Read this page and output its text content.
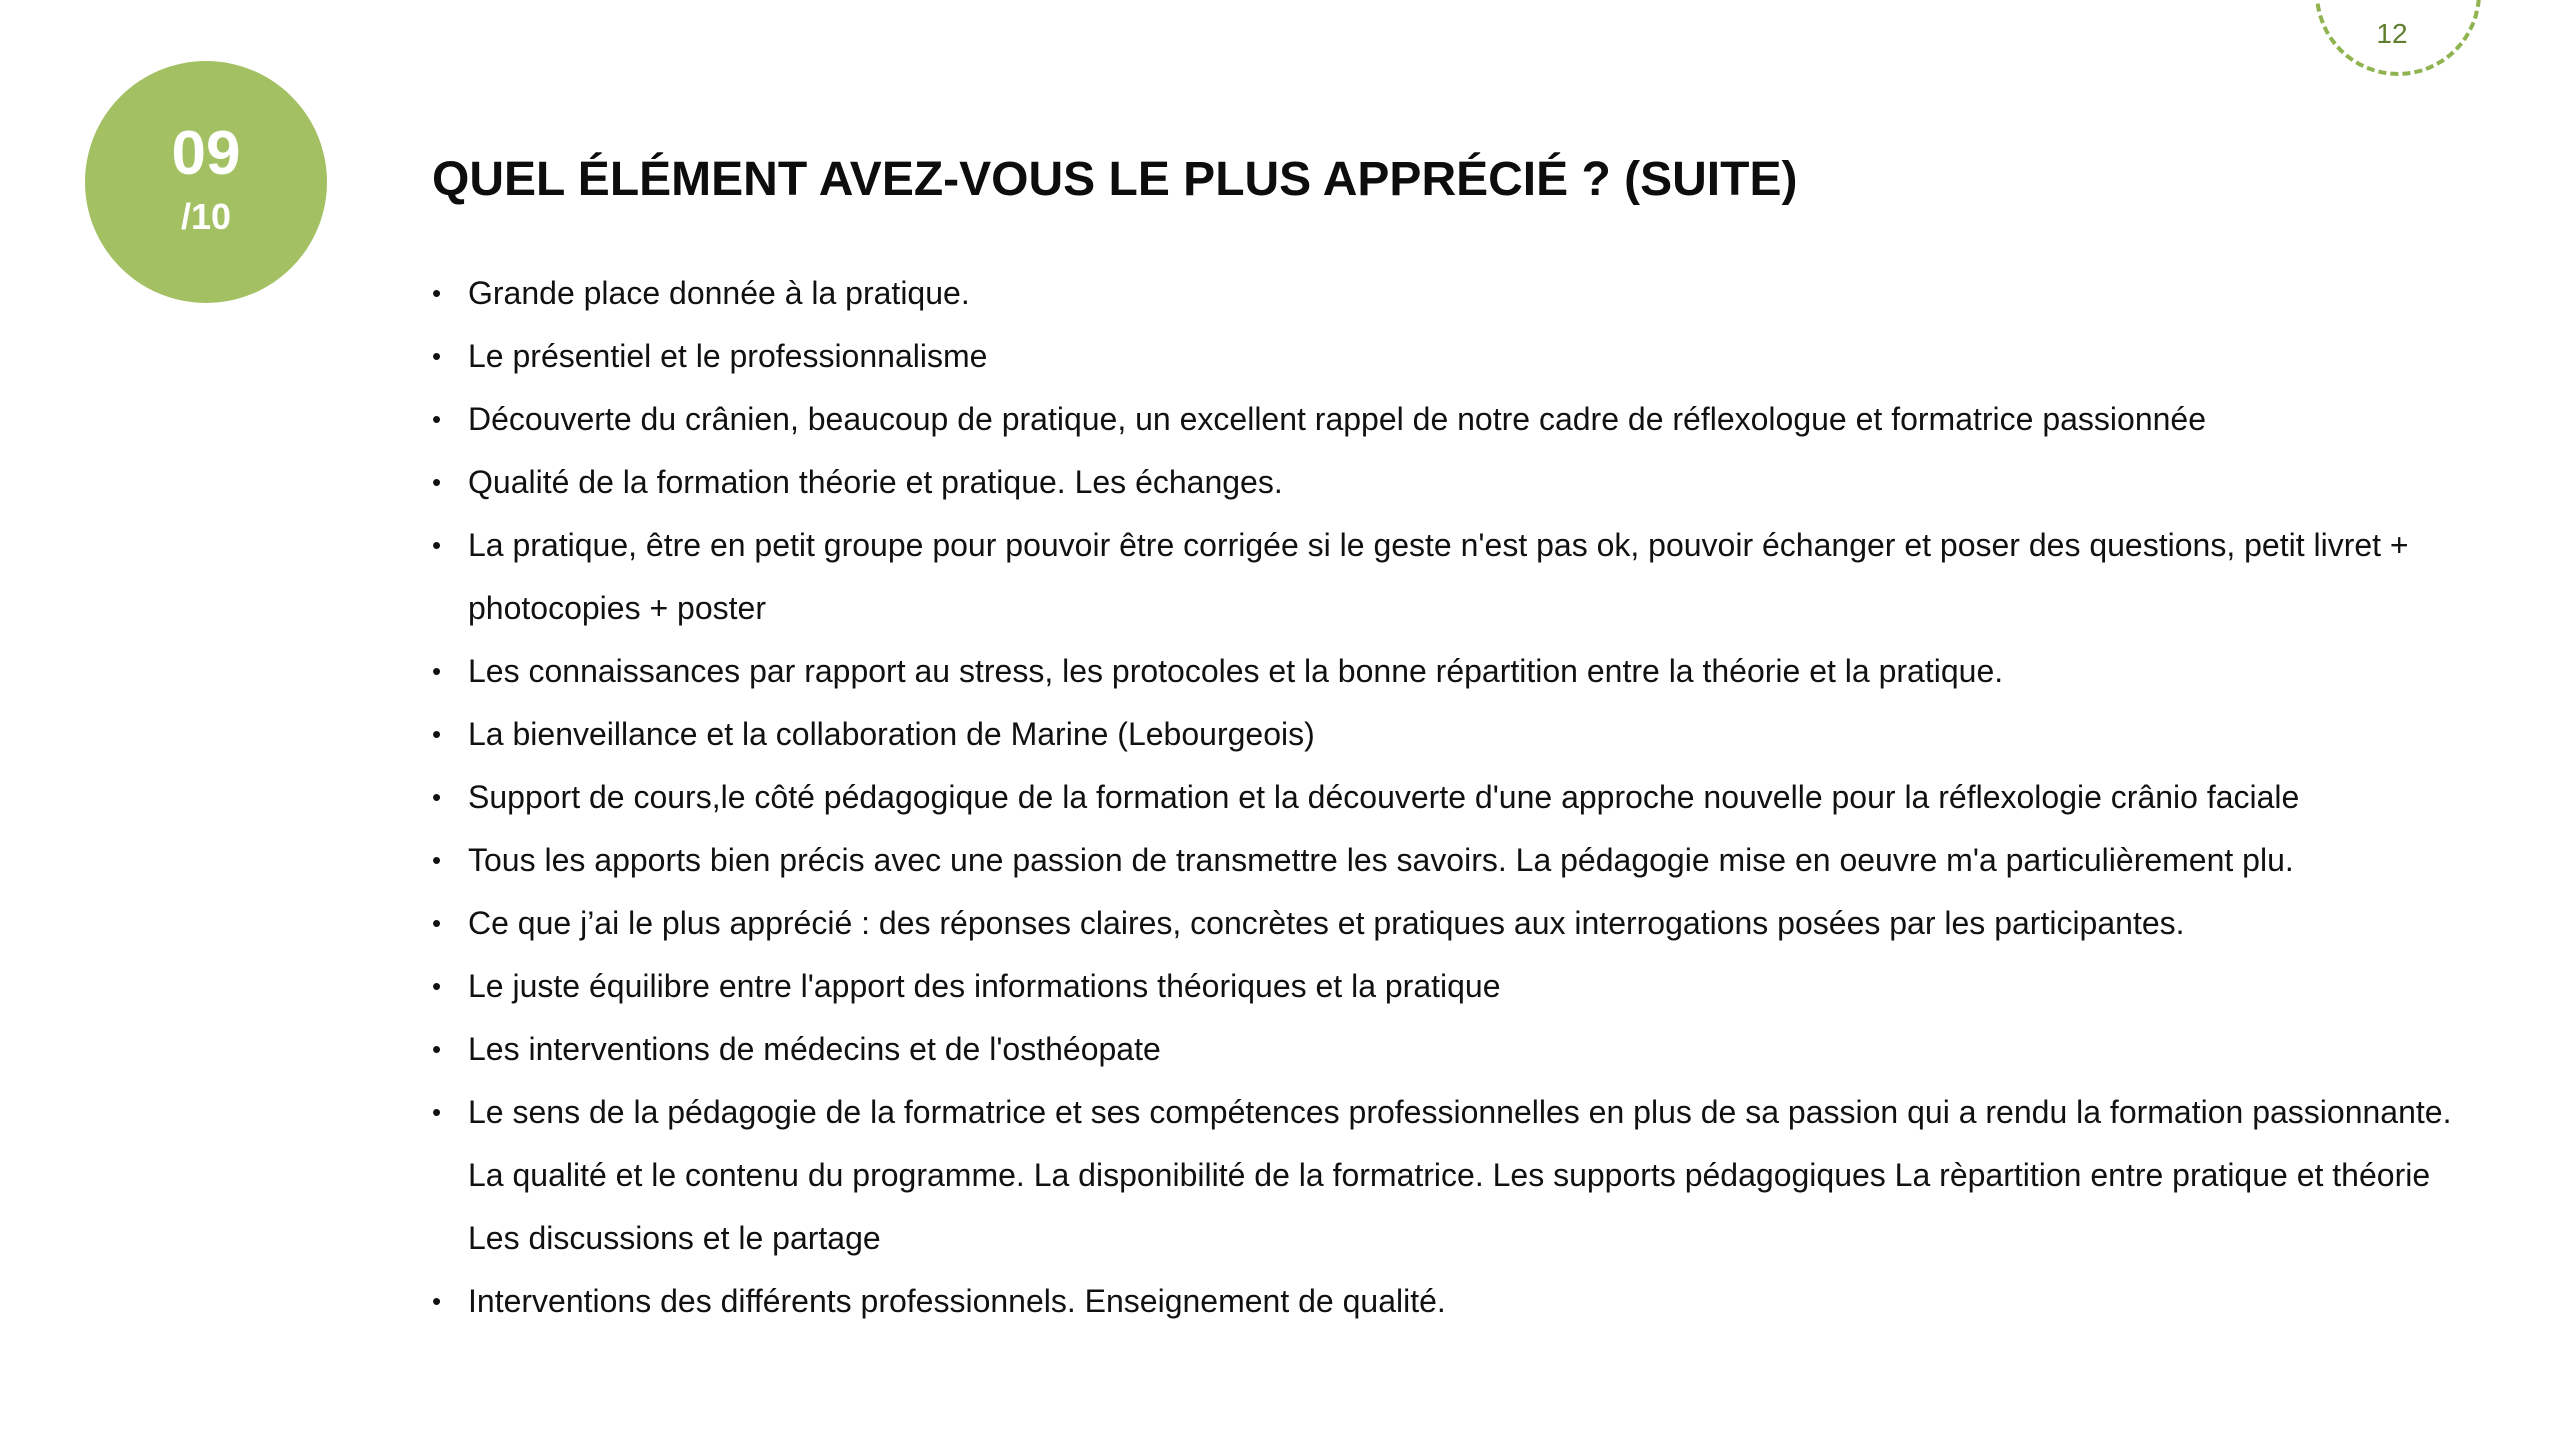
12
09
/10
QUEL ÉLÉMENT AVEZ-VOUS LE PLUS APPRÉCIÉ ? (SUITE)
• Grande place donnée à la pratique.
• Le présentiel et le professionnalisme
• Découverte du crânien, beaucoup de pratique, un excellent rappel de notre cadre de réflexologue et formatrice passionnée
• Qualité de la formation théorie et pratique. Les échanges.
• La pratique, être en petit groupe pour pouvoir être corrigée si le geste n'est pas ok, pouvoir échanger et poser des questions, petit livret + photocopies + poster
• Les connaissances par rapport au stress, les protocoles et la bonne répartition entre la théorie et la pratique.
• La bienveillance et la collaboration de Marine (Lebourgeois)
• Support de cours,le côté pédagogique de la formation et la découverte d'une approche nouvelle pour la réflexologie crânio faciale
• Tous les apports bien précis avec une passion de transmettre les savoirs. La pédagogie mise en oeuvre m'a particulièrement plu.
• Ce que j’ai le plus apprécié : des réponses claires, concrètes et pratiques aux interrogations posées par les participantes.
• Le juste équilibre entre l'apport des informations théoriques et la pratique
• Les interventions de médecins et de l'osthéopate
• Le sens de la pédagogie de la formatrice et ses compétences professionnelles en plus de sa passion qui a rendu la formation passionnante. La qualité et le contenu du programme. La disponibilité de la formatrice. Les supports pédagogiques La rèpartition entre pratique et théorie Les discussions et le partage
• Interventions des différents professionnels. Enseignement de qualité.
